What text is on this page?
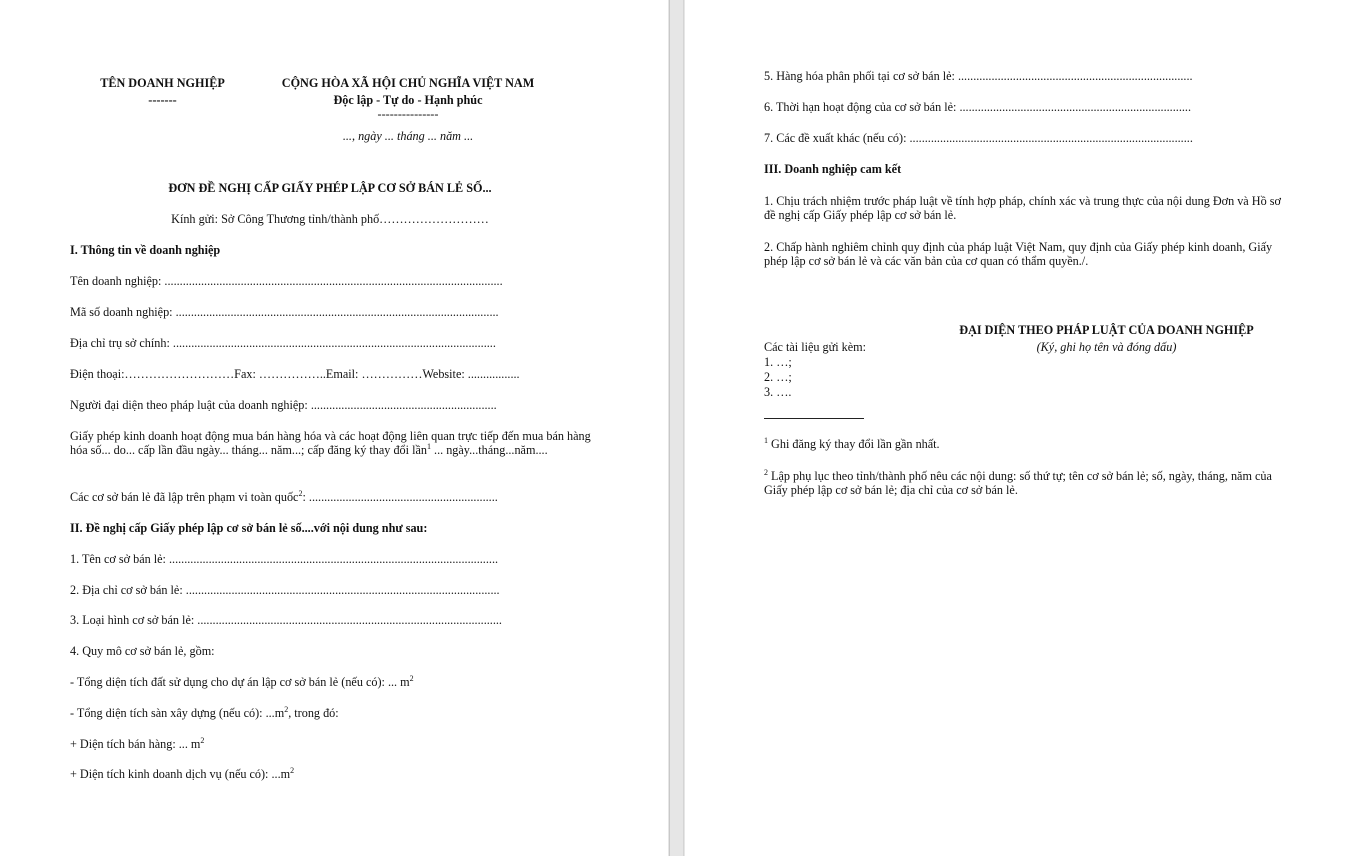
TÊN DOANH NGHIỆP
-------
CỘNG HÒA XÃ HỘI CHỦ NGHĨA VIỆT NAM
Độc lập - Tự do - Hạnh phúc
---------------
..., ngày ... tháng ... năm ...
ĐƠN ĐỀ NGHỊ CẤP GIẤY PHÉP LẬP CƠ SỞ BÁN LẺ SỐ...
Kính gửi: Sở Công Thương tỉnh/thành phố………………………
I. Thông tin về doanh nghiệp
Tên doanh nghiệp: ...............................................................................................................
Mã số doanh nghiệp: ..........................................................................................................
Địa chỉ trụ sở chính: ..........................................................................................................
Điện thoại:………………………Fax: ……………..Email: ……………Website: .................
Người đại diện theo pháp luật của doanh nghiệp: .............................................................
Giấy phép kinh doanh hoạt động mua bán hàng hóa và các hoạt động liên quan trực tiếp đến mua bán hàng hóa số... do... cấp lần đầu ngày... tháng... năm...; cấp đăng ký thay đổi lần$^1$ ... ngày...tháng...năm....
Các cơ sở bán lẻ đã lập trên phạm vi toàn quốc$^2$: ..............................................................
II. Đề nghị cấp Giấy phép lập cơ sở bán lẻ số....với nội dung như sau:
1. Tên cơ sở bán lẻ: ............................................................................................................
2. Địa chỉ cơ sở bán lẻ: .......................................................................................................
3. Loại hình cơ sở bán lẻ: ....................................................................................................
4. Quy mô cơ sở bán lẻ, gồm:
- Tổng diện tích đất sử dụng cho dự án lập cơ sở bán lẻ (nếu có): ... $m^2$
- Tổng diện tích sàn xây dựng (nếu có): $...m^2$, trong đó:
+ Diện tích bán hàng: ... $m^2$
+ Diện tích kinh doanh dịch vụ (nếu có): $...m^2$
5. Hàng hóa phân phối tại cơ sở bán lẻ: .............................................................................
6. Thời hạn hoạt động của cơ sở bán lẻ: ............................................................................
7. Các đề xuất khác (nếu có): .............................................................................................
III. Doanh nghiệp cam kết
1. Chịu trách nhiệm trước pháp luật về tính hợp pháp, chính xác và trung thực của nội dung Đơn và Hồ sơ đề nghị cấp Giấy phép lập cơ sở bán lẻ.
2. Chấp hành nghiêm chỉnh quy định của pháp luật Việt Nam, quy định của Giấy phép kinh doanh, Giấy phép lập cơ sở bán lẻ và các văn bản của cơ quan có thẩm quyền./.
ĐẠI DIỆN THEO PHÁP LUẬT CỦA DOANH NGHIỆP
(Ký, ghi họ tên và đóng dấu)
Các tài liệu gửi kèm:
1. …;
2. …;
3. ….
$^1$ Ghi đăng ký thay đổi lần gần nhất.
$^2$ Lập phụ lục theo tỉnh/thành phố nêu các nội dung: số thứ tự; tên cơ sở bán lẻ; số, ngày, tháng, năm của Giấy phép lập cơ sở bán lẻ; địa chỉ của cơ sở bán lẻ.
